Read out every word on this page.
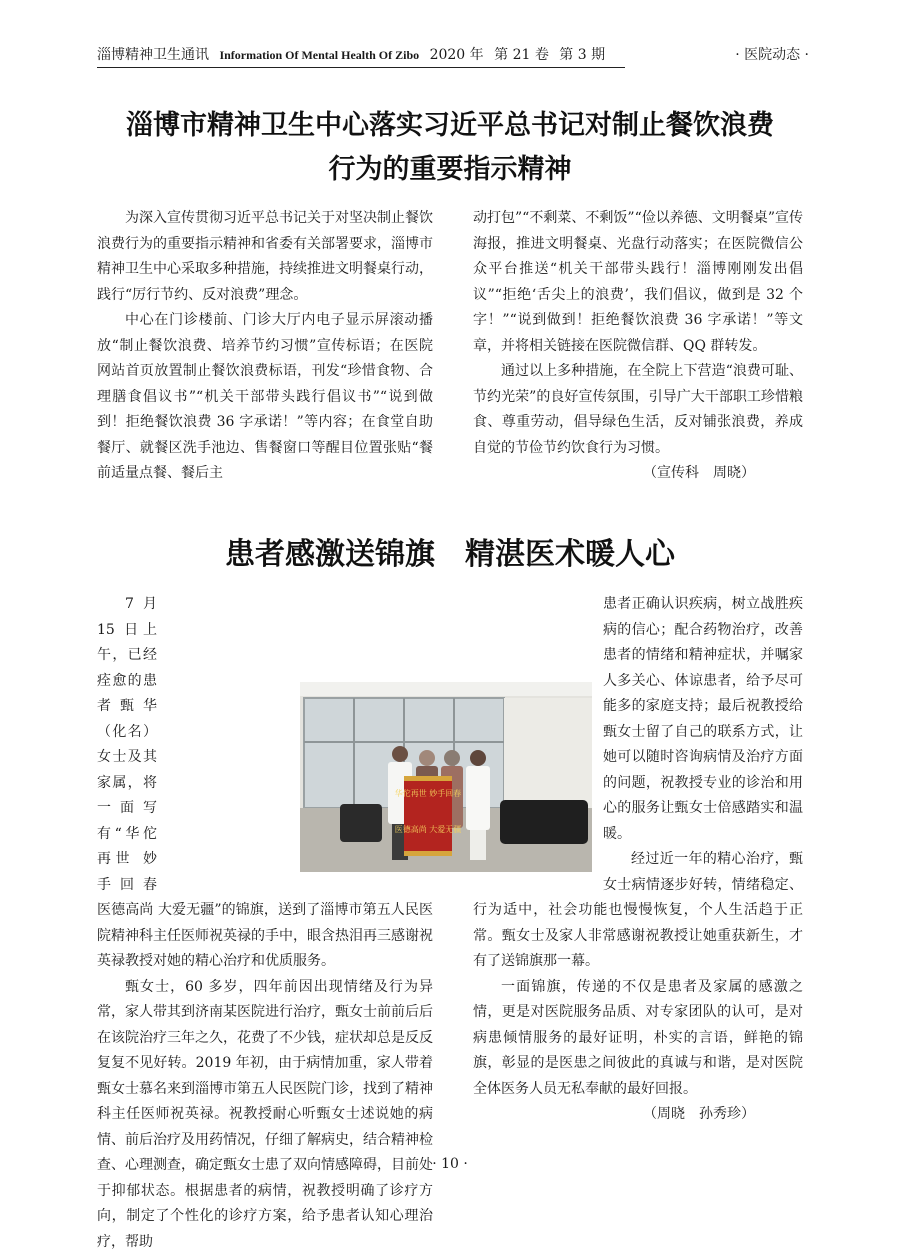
淄博精神卫生通讯 Information Of Mental Health Of Zibo 2020 年 第 21 卷 第 3 期	· 医院动态 ·
淄博市精神卫生中心落实习近平总书记对制止餐饮浪费
行为的重要指示精神

为深入宣传贯彻习近平总书记关于对坚决制止餐饮浪费行为的重要指示精神和省委有关部署要求，淄博市精神卫生中心采取多种措施，持续推进文明餐桌行动，践行“厉行节约、反对浪费”理念。

中心在门诊楼前、门诊大厅内电子显示屏滚动播放“制止餐饮浪费、培养节约习惯”宣传标语；在医院网站首页放置制止餐饮浪费标语，刊发“珍惜食物、合理膳食倡议书”“机关干部带头践行倡议书”“说到做到！拒绝餐饮浪费 36 字承诺！”等内容；在食堂自助餐厅、就餐区洗手池边、售餐窗口等醒目位置张贴“餐前适量点餐、餐后主

动打包”“不剩菜、不剩饭”“俭以养德、文明餐桌”宣传海报，推进文明餐桌、光盘行动落实；在医院微信公众平台推送“机关干部带头践行！淄博刚刚发出倡议”“拒绝‘舌尖上的浪费’，我们倡议，做到是 32 个字！”“说到做到！拒绝餐饮浪费 36 字承诺！”等文章，并将相关链接在医院微信群、QQ 群转发。

通过以上多种措施，在全院上下营造“浪费可耻、节约光荣”的良好宣传氛围，引导广大干部职工珍惜粮食、尊重劳动，倡导绿色生活，反对铺张浪费，养成自觉的节俭节约饮食行为习惯。

（宣传科　周晓）

患者感激送锦旗　精湛医术暖人心

7 月 15 日上午，已经痊愈的患者甄华（化名）女士及其家属，将一面写有“华佗再世 妙手回春 医德高尚 大爱无疆”的锦旗，送到了淄博市第五人民医院精神科主任医师祝英禄的手中，眼含热泪再三感谢祝英禄教授对她的精心治疗和优质服务。

甄女士，60 多岁，四年前因出现情绪及行为异常，家人带其到济南某医院进行治疗，甄女士前前后后在该院治疗三年之久，花费了不少钱，症状却总是反反复复不见好转。2019 年初，由于病情加重，家人带着甄女士慕名来到淄博市第五人民医院门诊，找到了精神科主任医师祝英禄。祝教授耐心听甄女士述说她的病情、前后治疗及用药情况，仔细了解病史，结合精神检查、心理测查，确定甄女士患了双向情感障碍，目前处于抑郁状态。根据患者的病情，祝教授明确了诊疗方向，制定了个性化的诊疗方案，给予患者认知心理治疗，帮助

患者正确认识疾病，树立战胜疾病的信心；配合药物治疗，改善患者的情绪和精神症状，并嘱家人多关心、体谅患者，给予尽可能多的家庭支持；最后祝教授给甄女士留了自己的联系方式，让她可以随时咨询病情及治疗方面的问题，祝教授专业的诊治和用心的服务让甄女士倍感踏实和温暖。

经过近一年的精心治疗，甄女士病情逐步好转，情绪稳定、行为适中，社会功能也慢慢恢复，个人生活趋于正常。甄女士及家人非常感谢祝教授让她重获新生，才有了送锦旗那一幕。

一面锦旗，传递的不仅是患者及家属的感激之情，更是对医院服务品质、对专家团队的认可，是对病患倾情服务的最好证明，朴实的言语，鲜艳的锦旗，彰显的是医患之间彼此的真诚与和谐，是对医院全体医务人员无私奉献的最好回报。

（周晓　孙秀珍）

华佗再世 妙手回春
医德高尚 大爱无疆
· 10 ·
